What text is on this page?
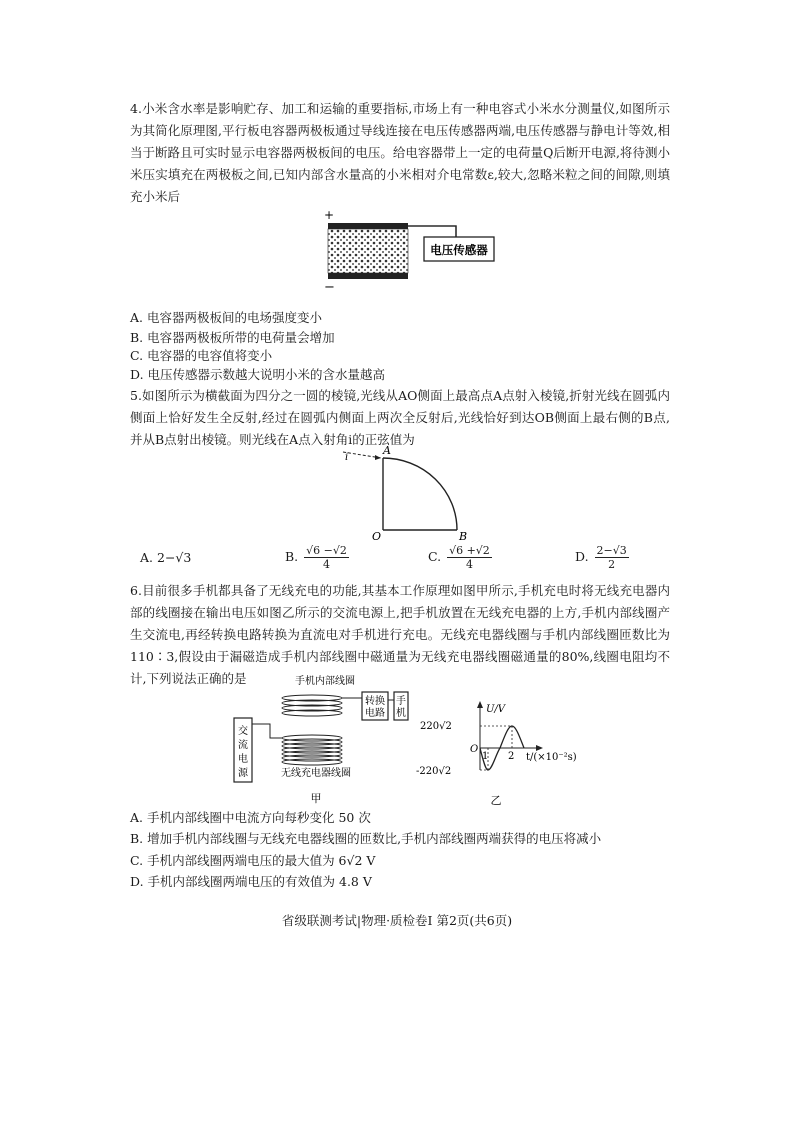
4.小米含水率是影响贮存、加工和运输的重要指标,市场上有一种电容式小米水分测量仪,如图所示为其简化原理图,平行板电容器两极板通过导线连接在电压传感器两端,电压传感器与静电计等效,相当于断路且可实时显示电容器两极板间的电压。给电容器带上一定的电荷量Q后断开电源,将待测小米压实填充在两极板之间,已知内部含水量高的小米相对介电常数ε,较大,忽略米粒之间的间隙,则填充小米后

+
−
电压传感器
A. 电容器两极板间的电场强度变小
B. 电容器两极板所带的电荷量会增加
C. 电容器的电容值将变小
D. 电压传感器示数越大说明小米的含水量越高

5.如图所示为横截面为四分之一圆的棱镜,光线从AO侧面上最高点A点射入棱镜,折射光线在圆弧内侧面上恰好发生全反射,经过在圆弧内侧面上两次全反射后,光线恰好到达OB侧面上最右侧的B点,并从B点射出棱镜。则光线在A点入射角i的正弦值为

i
A
O	B
A. 2−√3	B. $\frac{√6 -√2}{4}$	C. $\frac{√6 +√2}{4}$	D. $\frac{2-√3}{2}$

6.目前很多手机都具备了无线充电的功能,其基本工作原理如图甲所示,手机充电时将无线充电器内部的线圈接在输出电压如图乙所示的交流电源上,把手机放置在无线充电器的上方,手机内部线圈产生交流电,再经转换电路转换为直流电对手机进行充电。无线充电器线圈与手机内部线圈匝数比为110∶3,假设由于漏磁造成手机内部线圈中磁通量为无线充电器线圈磁通量的80%,线圈电阻均不计,下列说法正确的是	手机内部线圈
转换
电路
手
机
交
流
电
源	无线充电器线圈
甲
U/V
t/(×10⁻²s)
O
220√2
-220√2
1 2
乙
A. 手机内部线圈中电流方向每秒变化 50 次
B. 增加手机内部线圈与无线充电器线圈的匝数比,手机内部线圈两端获得的电压将减小
C. 手机内部线圈两端电压的最大值为 6√2 V
D. 手机内部线圈两端电压的有效值为 4.8 V
省级联测考试|物理·质检卷Ⅰ 第2页(共6页)
